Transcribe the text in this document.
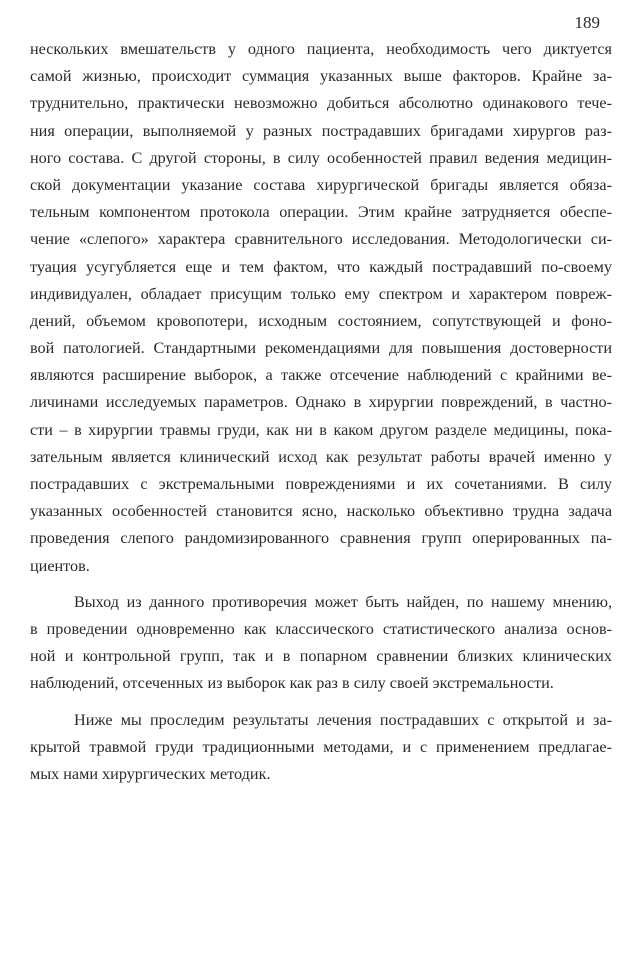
189
нескольких вмешательств у одного пациента, необходимость чего диктуется
самой жизнью, происходит суммация указанных выше факторов. Крайне за-
труднительно, практически невозможно добиться абсолютно одинакового тече-
ния операции, выполняемой у разных пострадавших бригадами хирургов раз-
ного состава. С другой стороны, в силу особенностей правил ведения медицин-
ской документации указание состава хирургической бригады является обяза-
тельным компонентом протокола операции. Этим крайне затрудняется обеспе-
чение «слепого» характера сравнительного исследования. Методологически си-
туация усугубляется еще и тем фактом, что каждый пострадавший по-своему
индивидуален, обладает присущим только ему спектром и характером повреж-
дений, объемом кровопотери, исходным состоянием, сопутствующей и фоно-
вой патологией. Стандартными рекомендациями для повышения достоверности
являются расширение выборок, а также отсечение наблюдений с крайними ве-
личинами исследуемых параметров. Однако в хирургии повреждений, в частно-
сти – в хирургии травмы груди, как ни в каком другом разделе медицины, пока-
зательным является клинический исход как результат работы врачей именно у
пострадавших с экстремальными повреждениями и их сочетаниями. В силу
указанных особенностей становится ясно, насколько объективно трудна задача
проведения слепого рандомизированного сравнения групп оперированных па-
циентов.
Выход из данного противоречия может быть найден, по нашему мнению,
в проведении одновременно как классического статистического анализа основ-
ной и контрольной групп, так и в попарном сравнении близких клинических
наблюдений, отсеченных из выборок как раз в силу своей экстремальности.
Ниже мы проследим результаты лечения пострадавших с открытой и за-
крытой травмой груди традиционными методами, и с применением предлагае-
мых нами хирургических методик.
